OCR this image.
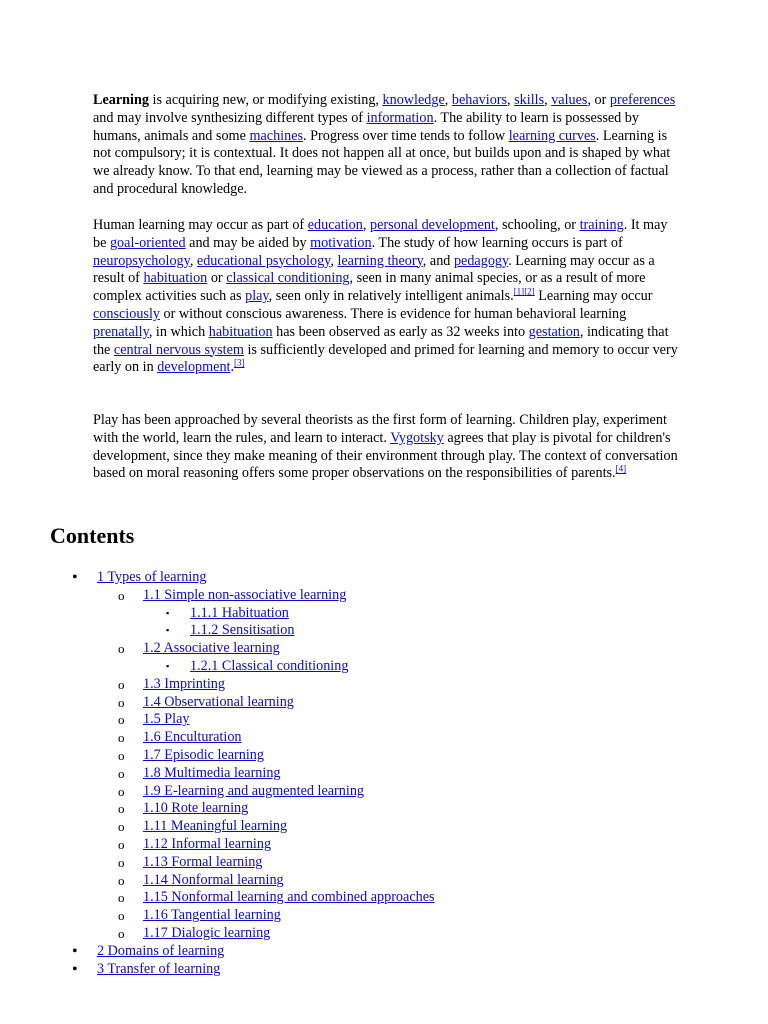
Learning is acquiring new, or modifying existing, knowledge, behaviors, skills, values, or preferences and may involve synthesizing different types of information. The ability to learn is possessed by humans, animals and some machines. Progress over time tends to follow learning curves. Learning is not compulsory; it is contextual. It does not happen all at once, but builds upon and is shaped by what we already know. To that end, learning may be viewed as a process, rather than a collection of factual and procedural knowledge.

Human learning may occur as part of education, personal development, schooling, or training. It may be goal-oriented and may be aided by motivation. The study of how learning occurs is part of neuropsychology, educational psychology, learning theory, and pedagogy. Learning may occur as a result of habituation or classical conditioning, seen in many animal species, or as a result of more complex activities such as play, seen only in relatively intelligent animals.[1][2] Learning may occur consciously or without conscious awareness. There is evidence for human behavioral learning prenatally, in which habituation has been observed as early as 32 weeks into gestation, indicating that the central nervous system is sufficiently developed and primed for learning and memory to occur very early on in development.[3]

Play has been approached by several theorists as the first form of learning. Children play, experiment with the world, learn the rules, and learn to interact. Vygotsky agrees that play is pivotal for children's development, since they make meaning of their environment through play. The context of conversation based on moral reasoning offers some proper observations on the responsibilities of parents.[4]

Contents
• 1 Types of learning
o 1.1 Simple non-associative learning
▪ 1.1.1 Habituation
▪ 1.1.2 Sensitisation
o 1.2 Associative learning
▪ 1.2.1 Classical conditioning
o 1.3 Imprinting
o 1.4 Observational learning
o 1.5 Play
o 1.6 Enculturation
o 1.7 Episodic learning
o 1.8 Multimedia learning
o 1.9 E-learning and augmented learning
o 1.10 Rote learning
o 1.11 Meaningful learning
o 1.12 Informal learning
o 1.13 Formal learning
o 1.14 Nonformal learning
o 1.15 Nonformal learning and combined approaches
o 1.16 Tangential learning
o 1.17 Dialogic learning
• 2 Domains of learning
• 3 Transfer of learning
